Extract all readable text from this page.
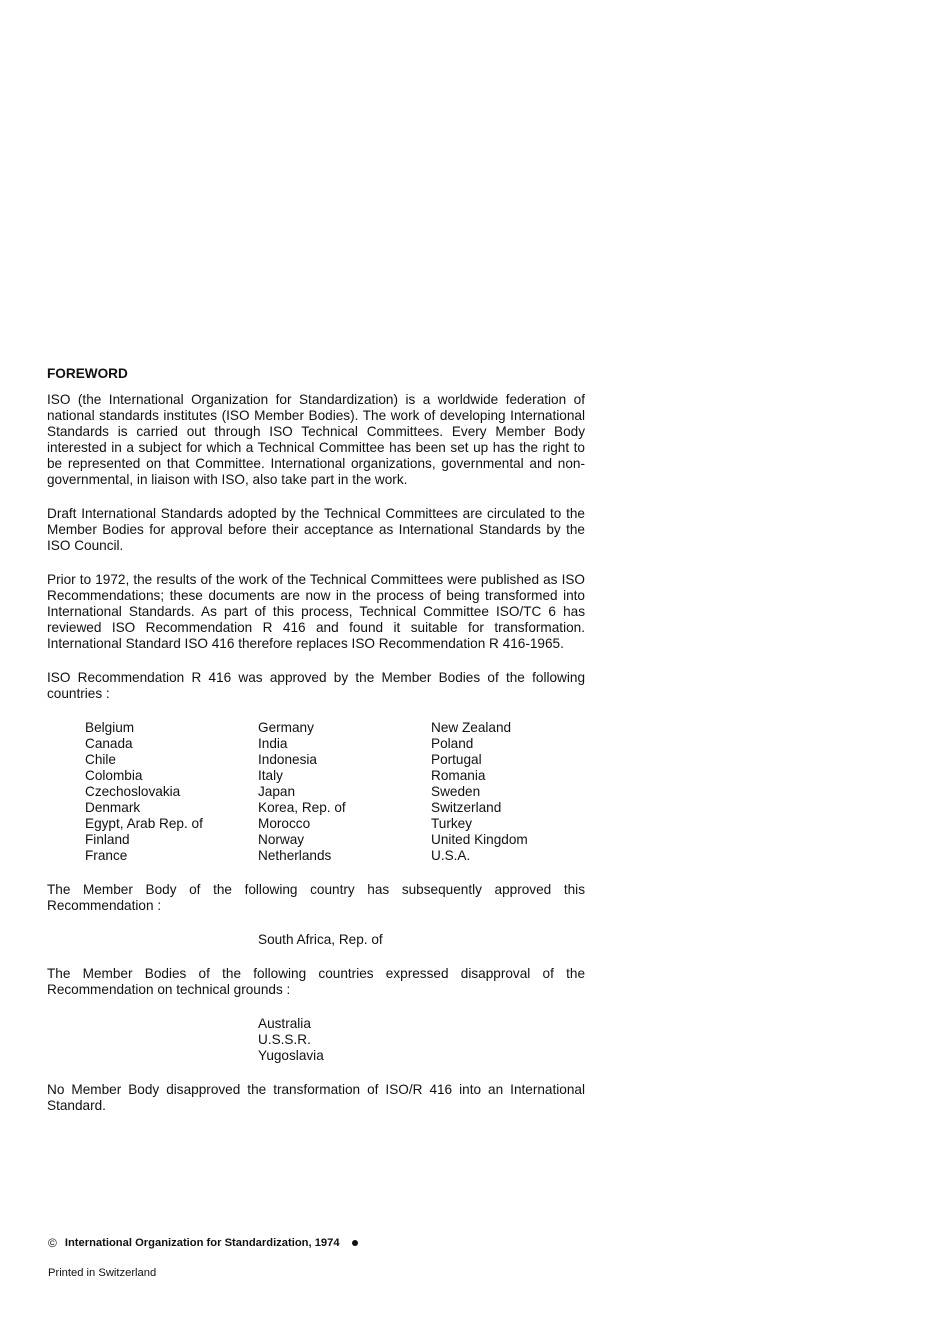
FOREWORD

ISO (the International Organization for Standardization) is a worldwide federation of national standards institutes (ISO Member Bodies). The work of developing International Standards is carried out through ISO Technical Committees. Every Member Body interested in a subject for which a Technical Committee has been set up has the right to be represented on that Committee. International organizations, governmental and non-governmental, in liaison with ISO, also take part in the work.

Draft International Standards adopted by the Technical Committees are circulated to the Member Bodies for approval before their acceptance as International Standards by the ISO Council.

Prior to 1972, the results of the work of the Technical Committees were published as ISO Recommendations; these documents are now in the process of being transformed into International Standards. As part of this process, Technical Committee ISO/TC 6 has reviewed ISO Recommendation R 416 and found it suitable for transformation. International Standard ISO 416 therefore replaces ISO Recommendation R 416-1965.

ISO Recommendation R 416 was approved by the Member Bodies of the following countries :

Belgium
Canada
Chile
Colombia
Czechoslovakia
Denmark
Egypt, Arab Rep. of
Finland
France
Germany
India
Indonesia
Italy
Japan
Korea, Rep. of
Morocco
Norway
Netherlands
New Zealand
Poland
Portugal
Romania
Sweden
Switzerland
Turkey
United Kingdom
U.S.A.

The Member Body of the following country has subsequently approved this Recommendation :

South Africa, Rep. of

The Member Bodies of the following countries expressed disapproval of the Recommendation on technical grounds :

Australia
U.S.S.R.
Yugoslavia

No Member Body disapproved the transformation of ISO/R 416 into an International Standard.

© International Organization for Standardization, 1974
Printed in Switzerland
